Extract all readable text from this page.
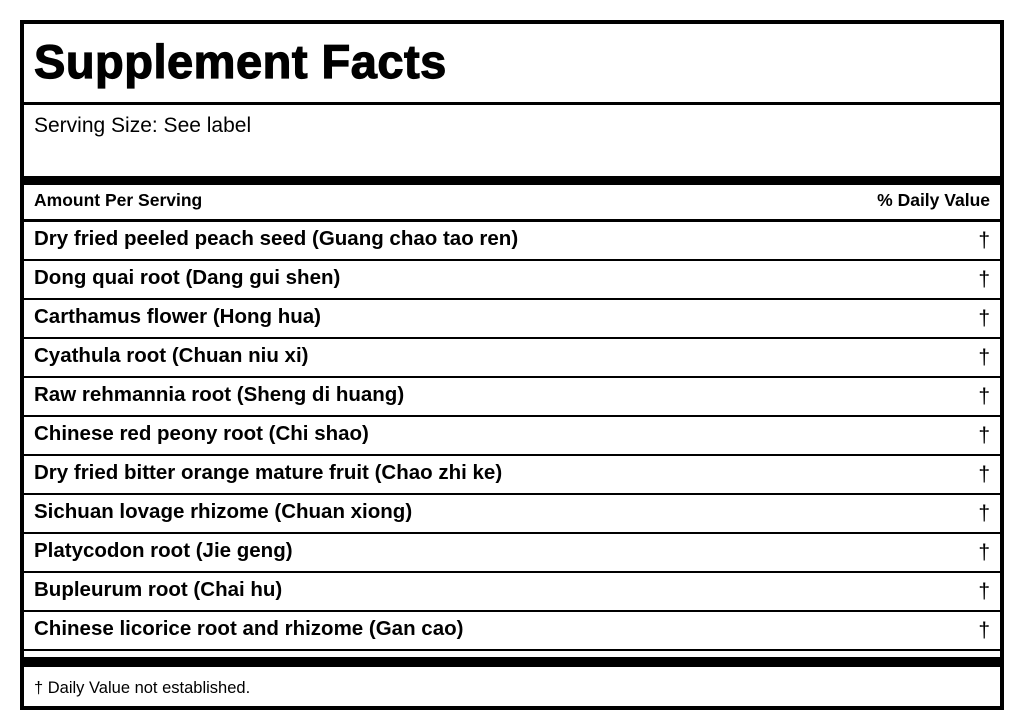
Supplement Facts
Serving Size: See label
Amount Per Serving	% Daily Value
Dry fried peeled peach seed (Guang chao tao ren)	†
Dong quai root (Dang gui shen)	†
Carthamus flower (Hong hua)	†
Cyathula root (Chuan niu xi)	†
Raw rehmannia root (Sheng di huang)	†
Chinese red peony root (Chi shao)	†
Dry fried bitter orange mature fruit (Chao zhi ke)	†
Sichuan lovage rhizome (Chuan xiong)	†
Platycodon root (Jie geng)	†
Bupleurum root (Chai hu)	†
Chinese licorice root and rhizome (Gan cao)	†
† Daily Value not established.
